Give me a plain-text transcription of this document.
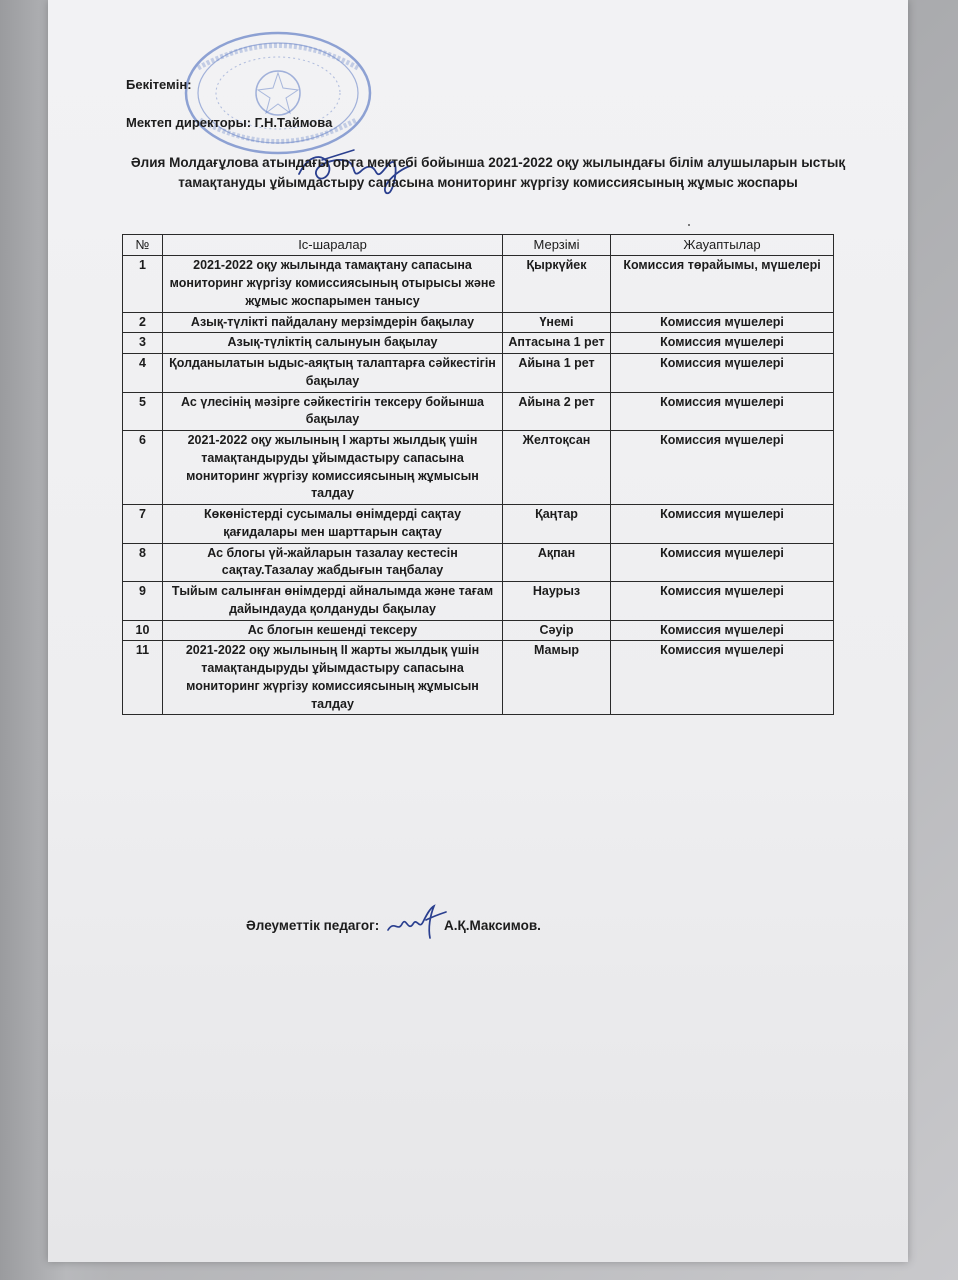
Бекітемін:
Мектеп директоры: Г.Н.Таймова
Әлия Молдағұлова атындағы орта мектебі бойынша 2021-2022 оқу жылындағы білім алушыларын ыстық тамақтануды ұйымдастыру сапасына мониторинг жүргізу комиссиясының жұмыс жоспары
№	Іс-шаралар	Мерзімі	Жауаптылар
1	2021-2022 оқу жылында тамақтану сапасына мониторинг жүргізу комиссиясының отырысы және жұмыс жоспарымен танысу	Қыркүйек	Комиссия төрайымы, мүшелері
2	Азық-түлікті пайдалану мерзімдерін бақылау	Үнемі	Комиссия мүшелері
3	Азық-түліктің салынуын бақылау	Аптасына 1 рет	Комиссия мүшелері
4	Қолданылатын ыдыс-аяқтың талаптарға сәйкестігін бақылау	Айына 1 рет	Комиссия мүшелері
5	Ас үлесінің мәзірге сәйкестігін тексеру бойынша бақылау	Айына 2 рет	Комиссия мүшелері
6	2021-2022 оқу жылының І жарты жылдық үшін тамақтандыруды ұйымдастыру сапасына мониторинг жүргізу комиссиясының жұмысын талдау	Желтоқсан	Комиссия мүшелері
7	Көкөністерді сусымалы өнімдерді сақтау қағидалары мен шарттарын сақтау	Қаңтар	Комиссия мүшелері
8	Ас блогы үй-жайларын тазалау кестесін сақтау.Тазалау жабдығын таңбалау	Ақпан	Комиссия мүшелері
9	Тыйым салынған өнімдерді айналымда және тағам дайындауда қолдануды бақылау	Наурыз	Комиссия мүшелері
10	Ас блогын кешенді тексеру	Сәуір	Комиссия мүшелері
11	2021-2022 оқу жылының ІІ жарты жылдық үшін тамақтандыруды ұйымдастыру сапасына мониторинг жүргізу комиссиясының жұмысын талдау	Мамыр	Комиссия мүшелері
Әлеуметтік педагог:	А.Қ.Максимов.
